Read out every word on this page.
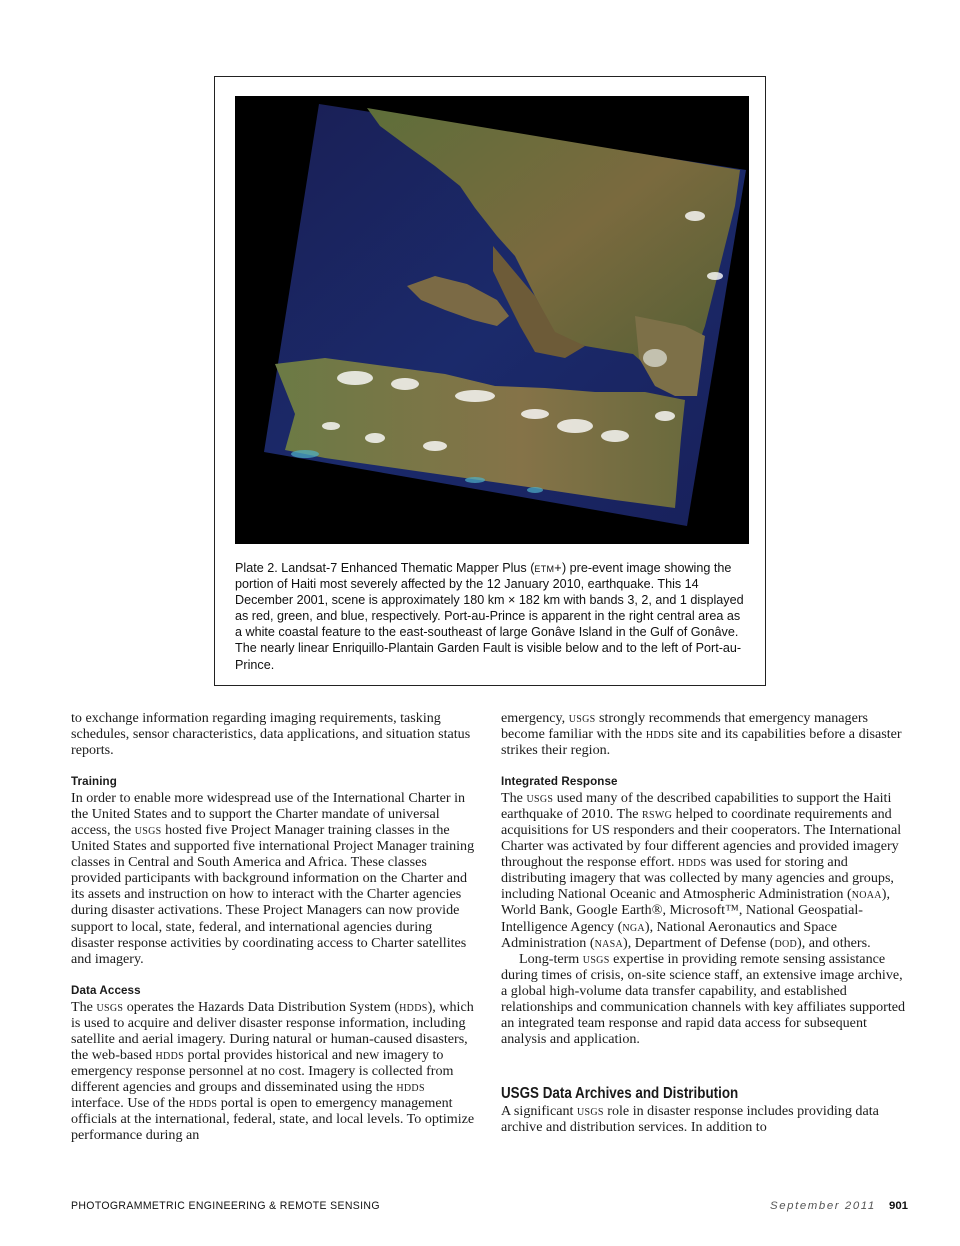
Plate 2. Landsat-7 Enhanced Thematic Mapper Plus (etm+) pre-event image showing the portion of Haiti most severely affected by the 12 January 2010, earthquake. This 14 December 2001, scene is approximately 180 km × 182 km with bands 3, 2, and 1 displayed as red, green, and blue, respectively. Port-au-Prince is apparent in the right central area as a white coastal feature to the east-southeast of large Gonâve Island in the Gulf of Gonâve. The nearly linear Enriquillo-Plantain Garden Fault is visible below and to the left of Port-au-Prince.

to exchange information regarding imaging requirements, tasking schedules, sensor characteristics, data applications, and situation status reports.

Training

In order to enable more widespread use of the International Charter in the United States and to support the Charter mandate of universal access, the usgs hosted five Project Manager training classes in the United States and supported five international Project Manager training classes in Central and South America and Africa. These classes provided participants with background information on the Charter and its assets and instruction on how to interact with the Charter agencies during disaster activations. These Project Managers can now provide support to local, state, federal, and international agencies during disaster response activities by coordinating access to Charter satellites and imagery.

Data Access

The usgs operates the Hazards Data Distribution System (hdds), which is used to acquire and deliver disaster response information, including satellite and aerial imagery. During natural or human-caused disasters, the web-based hdds portal provides historical and new imagery to emergency response personnel at no cost. Imagery is collected from different agencies and groups and disseminated using the hdds interface. Use of the hdds portal is open to emergency management officials at the international, federal, state, and local levels. To optimize performance during an

emergency, usgs strongly recommends that emergency managers become familiar with the hdds site and its capabilities before a disaster strikes their region.

Integrated Response

The usgs used many of the described capabilities to support the Haiti earthquake of 2010. The rswg helped to coordinate requirements and acquisitions for US responders and their cooperators. The International Charter was activated by four different agencies and provided imagery throughout the response effort. hdds was used for storing and distributing imagery that was collected by many agencies and groups, including National Oceanic and Atmospheric Administration (noaa), World Bank, Google Earth®, Microsoft™, National Geospatial-Intelligence Agency (nga), National Aeronautics and Space Administration (nasa), Department of Defense (dod), and others.

Long-term usgs expertise in providing remote sensing assistance during times of crisis, on-site science staff, an extensive image archive, a global high-volume data transfer capability, and established relationships and communication channels with key affiliates supported an integrated team response and rapid data access for subsequent analysis and application.

USGS Data Archives and Distribution

A significant usgs role in disaster response includes providing data archive and distribution services. In addition to

PHOTOGRAMMETRIC ENGINEERING & REMOTE SENSING	September 2011 901
